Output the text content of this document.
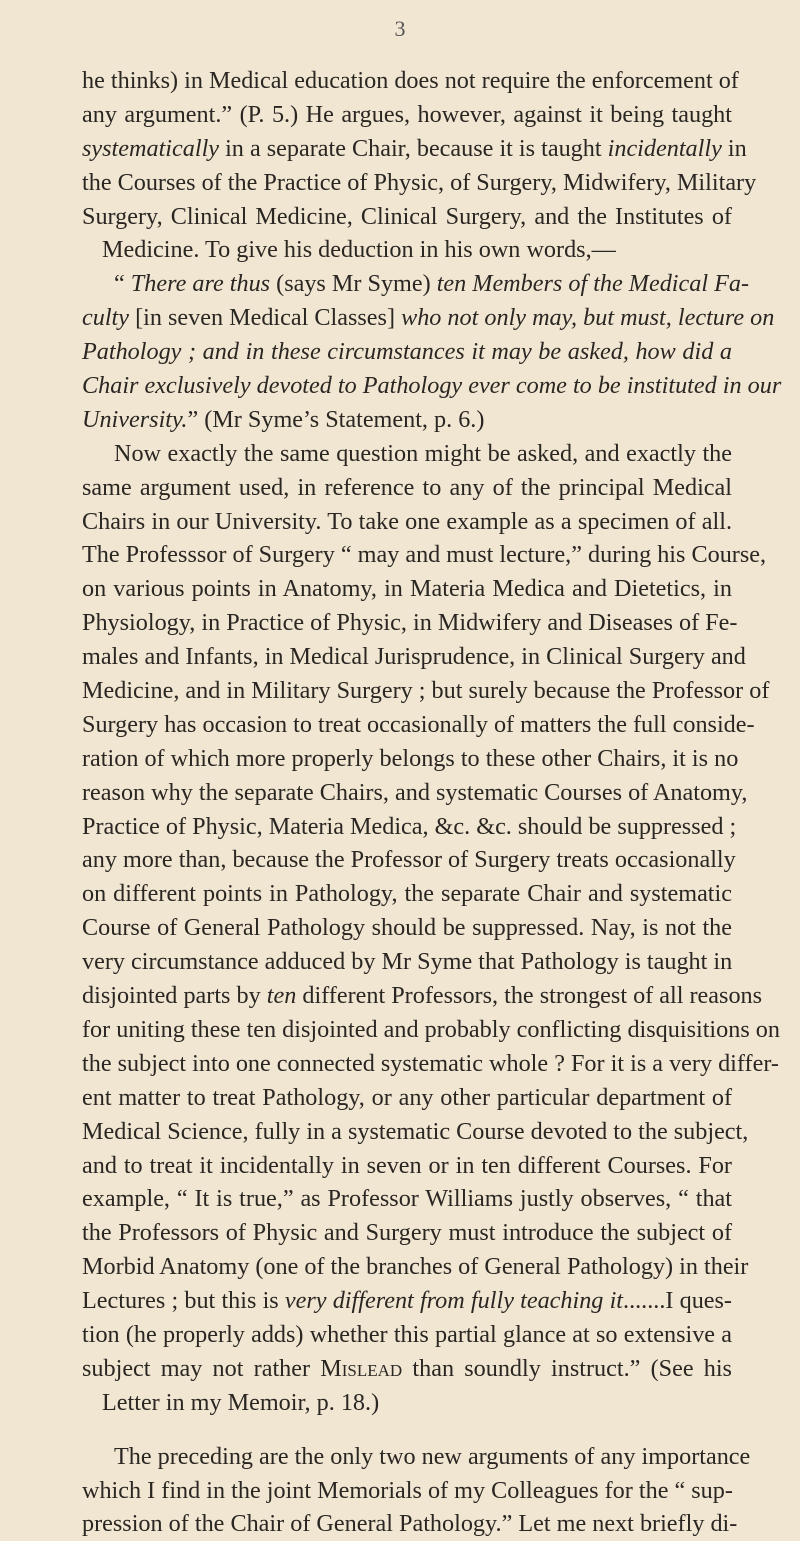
3
he thinks) in Medical education does not require the enforcement of
any argument.” (P. 5.) He argues, however, against it being taught
systematically in a separate Chair, because it is taught incidentally in
the Courses of the Practice of Physic, of Surgery, Midwifery, Military
Surgery, Clinical Medicine, Clinical Surgery, and the Institutes of
Medicine. To give his deduction in his own words,—
“ There are thus (says Mr Syme) ten Members of the Medical Fa-
culty [in seven Medical Classes] who not only may, but must, lecture on
Pathology ; and in these circumstances it may be asked, how did a
Chair exclusively devoted to Pathology ever come to be instituted in our
University.” (Mr Syme’s Statement, p. 6.)
Now exactly the same question might be asked, and exactly the
same argument used, in reference to any of the principal Medical
Chairs in our University. To take one example as a specimen of all.
The Professsor of Surgery “ may and must lecture,” during his Course,
on various points in Anatomy, in Materia Medica and Dietetics, in
Physiology, in Practice of Physic, in Midwifery and Diseases of Fe-
males and Infants, in Medical Jurisprudence, in Clinical Surgery and
Medicine, and in Military Surgery ; but surely because the Professor of
Surgery has occasion to treat occasionally of matters the full conside-
ration of which more properly belongs to these other Chairs, it is no
reason why the separate Chairs, and systematic Courses of Anatomy,
Practice of Physic, Materia Medica, &c. &c. should be suppressed ;
any more than, because the Professor of Surgery treats occasionally
on different points in Pathology, the separate Chair and systematic
Course of General Pathology should be suppressed. Nay, is not the
very circumstance adduced by Mr Syme that Pathology is taught in
disjointed parts by ten different Professors, the strongest of all reasons
for uniting these ten disjointed and probably conflicting disquisitions on
the subject into one connected systematic whole ? For it is a very differ-
ent matter to treat Pathology, or any other particular department of
Medical Science, fully in a systematic Course devoted to the subject,
and to treat it incidentally in seven or in ten different Courses. For
example, “ It is true,” as Professor Williams justly observes, “ that
the Professors of Physic and Surgery must introduce the subject of
Morbid Anatomy (one of the branches of General Pathology) in their
Lectures ; but this is very different from fully teaching it.......I ques-
tion (he properly adds) whether this partial glance at so extensive a
subject may not rather Mislead than soundly instruct.” (See his
Letter in my Memoir, p. 18.)
The preceding are the only two new arguments of any importance
which I find in the joint Memorials of my Colleagues for the “ sup-
pression of the Chair of General Pathology.” Let me next briefly di-
